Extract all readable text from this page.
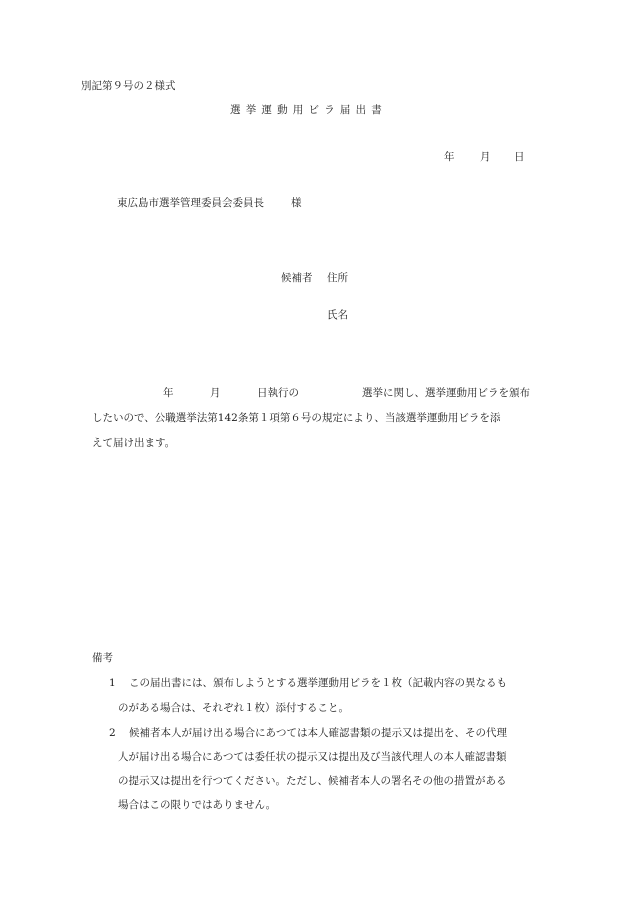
別記第９号の２様式
選挙運動用ビラ届出書
年 月 日
東広島市選挙管理委員会委員長	様
候補者 住所
氏名
年	月	日執行の	選挙に関し、選挙運動用ビラを頒布
したいので、公職選挙法第142条第１項第６号の規定により、当該選挙運動用ビラを添
えて届け出ます。
備考
1 この届出書には、頒布しようとする選挙運動用ビラを１枚（記載内容の異なるも
のがある場合は、それぞれ１枚）添付すること。
2 候補者本人が届け出る場合にあつては本人確認書類の提示又は提出を、その代理
人が届け出る場合にあつては委任状の提示又は提出及び当該代理人の本人確認書類
の提示又は提出を行つてください。ただし、候補者本人の署名その他の措置がある
場合はこの限りではありません。
